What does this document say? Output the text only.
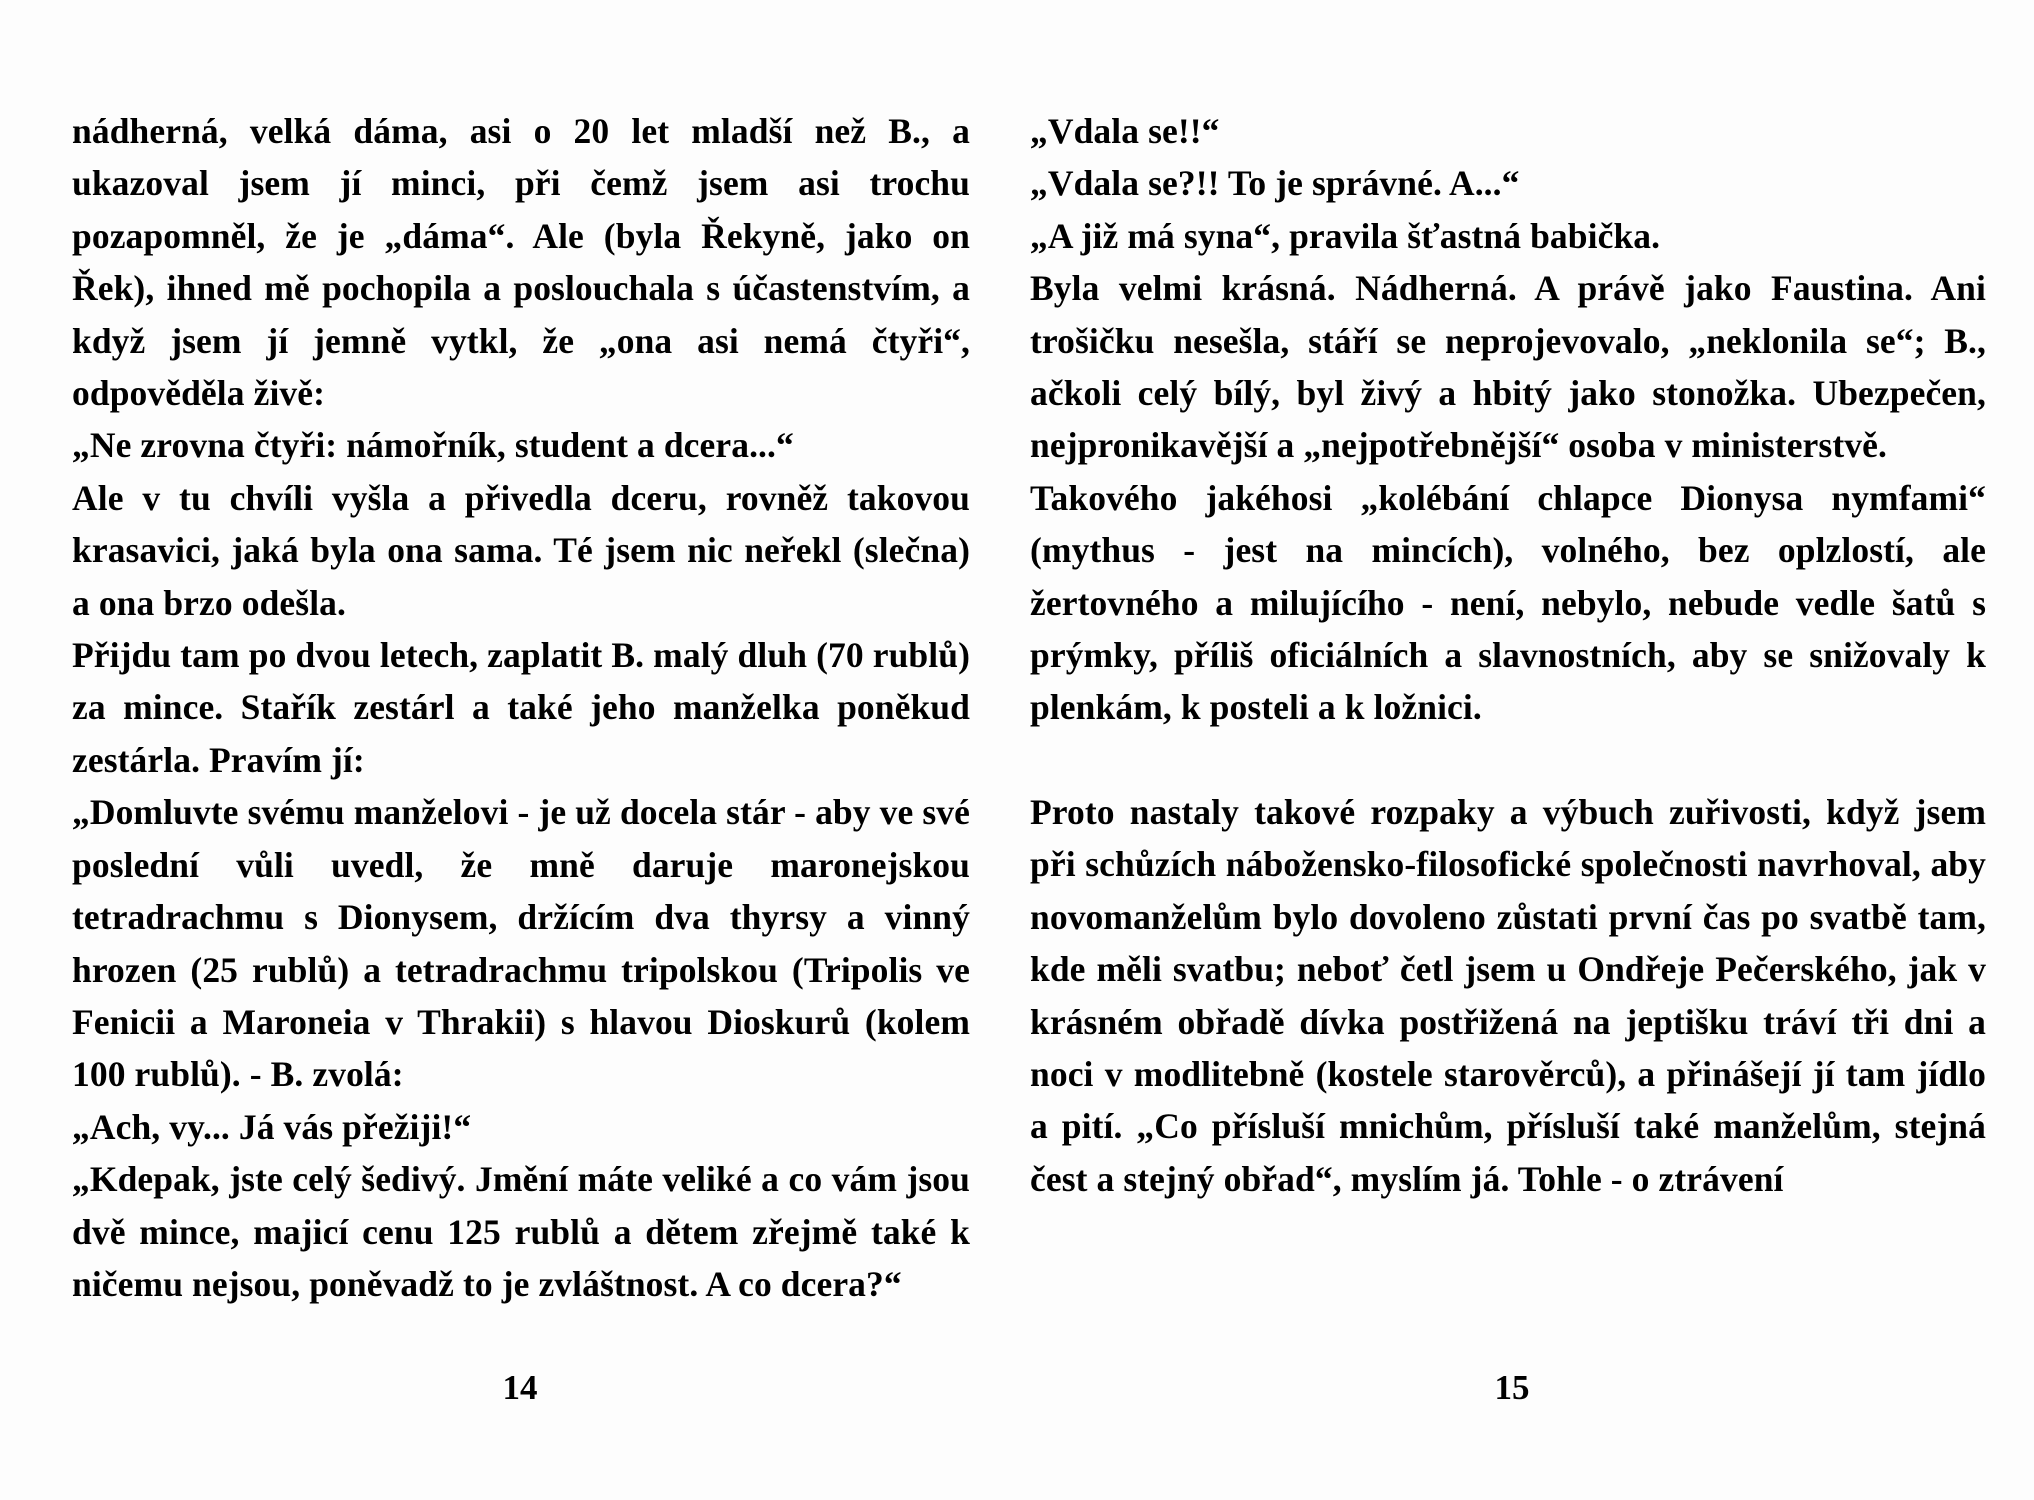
nádherná, velká dáma, asi o 20 let mladší než B., a ukazoval jsem jí minci, při čemž jsem asi trochu pozapomněl, že je „dáma“. Ale (byla Řekyně, jako on Řek), ihned mě pochopila a poslouchala s účastenstvím, a když jsem jí jemně vytkl, že „ona asi nemá čtyři“, odpověděla živě:

„Ne zrovna čtyři: námořník, student a dcera...“

Ale v tu chvíli vyšla a přivedla dceru, rovněž takovou krasavici, jaká byla ona sama. Té jsem nic neřekl (slečna) a ona brzo odešla.

Přijdu tam po dvou letech, zaplatit B. malý dluh (70 rublů) za mince. Stařík zestárl a také jeho manželka poněkud zestárla. Pravím jí:

„Domluvte svému manželovi - je už docela stár - aby ve své poslední vůli uvedl, že mně daruje maronejskou tetradrachmu s Dionysem, držícím dva thyrsy a vinný hrozen (25 rublů) a tetradrachmu tripolskou (Tripolis ve Fenicii a Maroneia v Thrakii) s hlavou Dioskurů (kolem 100 rublů). - B. zvolá:

„Ach, vy... Já vás přežiji!“

„Kdepak, jste celý šedivý. Jmění máte veliké a co vám jsou dvě mince, majicí cenu 125 rublů a dětem zřejmě také k ničemu nejsou, poněvadž to je zvláštnost. A co dcera?“

„Vdala se!!“

„Vdala se?!! To je správné. A...“

„A již má syna“, pravila šťastná babička.

Byla velmi krásná. Nádherná. A právě jako Faustina. Ani trošičku nesešla, stáří se neprojevovalo, „neklonila se“; B., ačkoli celý bílý, byl živý a hbitý jako stonožka. Ubezpečen, nejpronikavější a „nejpotřebnější“ osoba v ministerstvě.

Takového jakéhosi „kolébání chlapce Dionysa nymfami“ (mythus - jest na mincích), volného, bez oplzlostí, ale žertovného a milujícího - není, nebylo, nebude vedle šatů s prýmky, příliš oficiálních a slavnostních, aby se snižovaly k plenkám, k posteli a k ložnici.

Proto nastaly takové rozpaky a výbuch zuřivosti, když jsem při schůzích náboženskо-filosofické společnosti navrhoval, aby novomanželům bylo dovoleno zůstati první čas po svatbě tam, kde měli svatbu; neboť četl jsem u Ondřeje Pečerského, jak v krásném obřadě dívka postřižená na jeptišku tráví tři dni a noci v modlitebně (kostele starověrců), a přinášejí jí tam jídlo a pití. „Co přísluší mnichům, přísluší také manželům, stejná čest a stejný obřad“, myslím já. Tohle - o ztrávení

14	15
